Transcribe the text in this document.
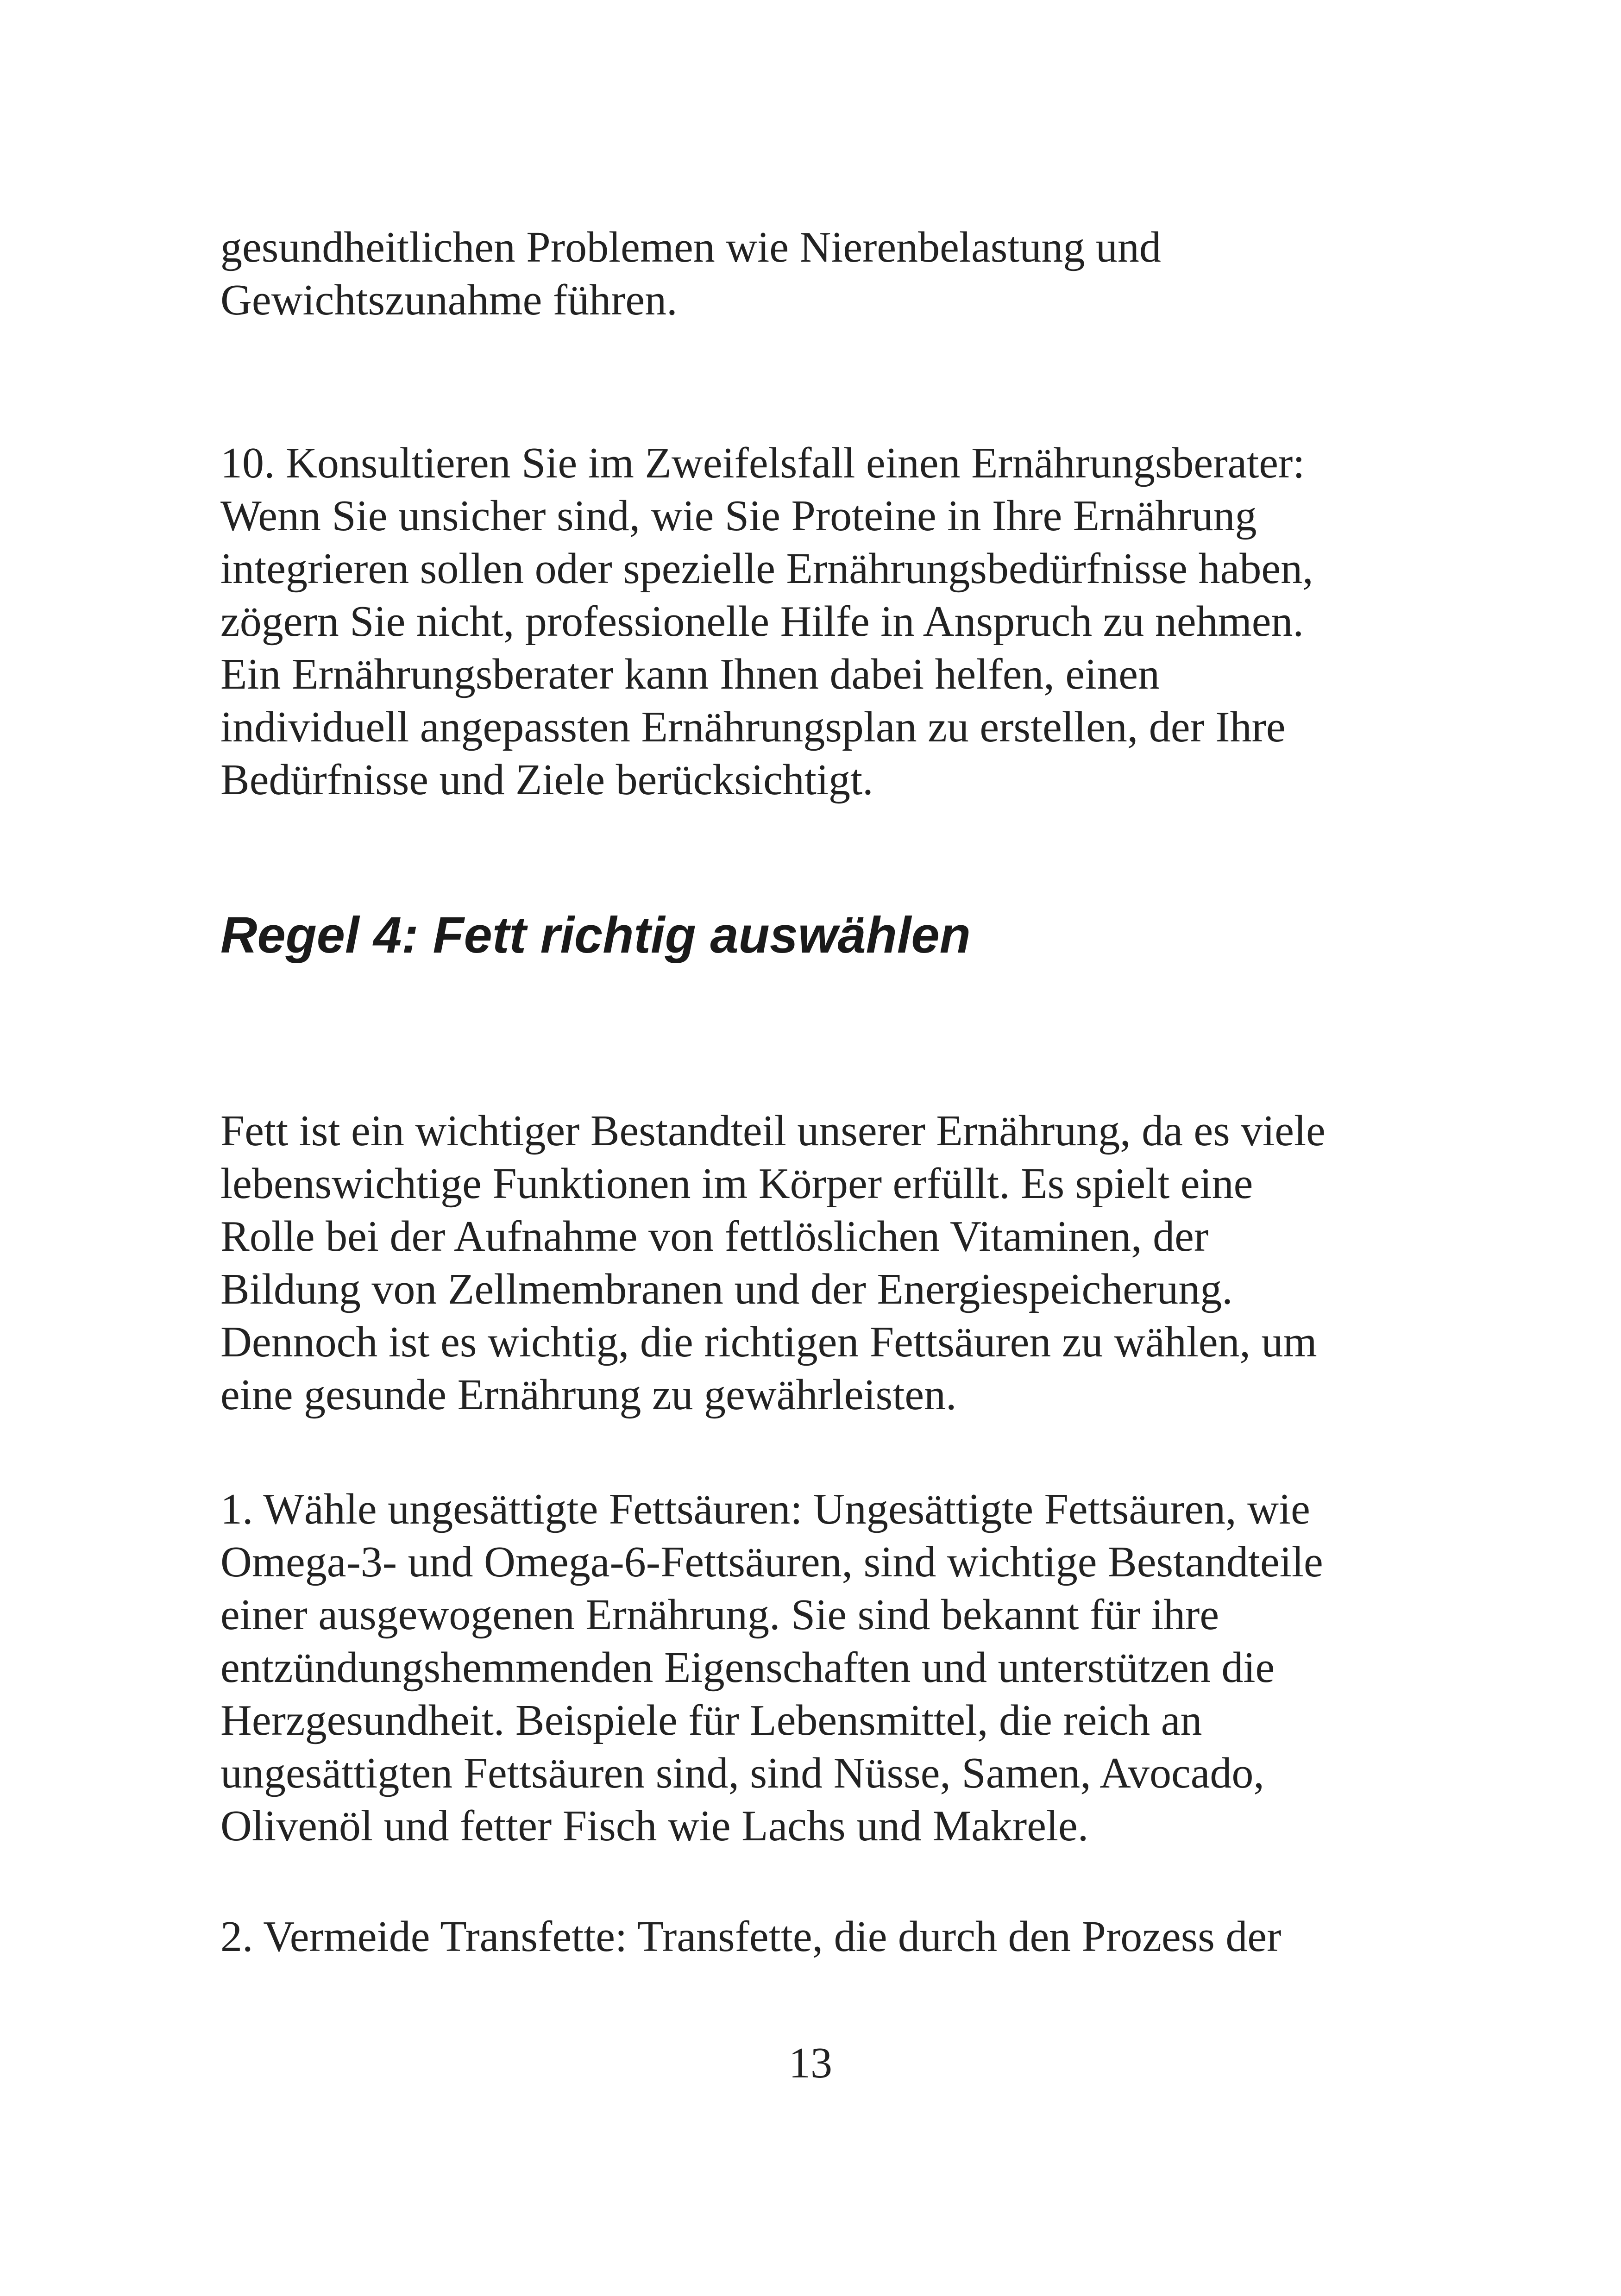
gesundheitlichen Problemen wie Nierenbelastung und
Gewichtszunahme führen.
10. Konsultieren Sie im Zweifelsfall einen Ernährungsberater:
Wenn Sie unsicher sind, wie Sie Proteine in Ihre Ernährung
integrieren sollen oder spezielle Ernährungsbedürfnisse haben,
zögern Sie nicht, professionelle Hilfe in Anspruch zu nehmen.
Ein Ernährungsberater kann Ihnen dabei helfen, einen
individuell angepassten Ernährungsplan zu erstellen, der Ihre
Bedürfnisse und Ziele berücksichtigt.
Regel 4: Fett richtig auswählen
Fett ist ein wichtiger Bestandteil unserer Ernährung, da es viele
lebenswichtige Funktionen im Körper erfüllt. Es spielt eine
Rolle bei der Aufnahme von fettlöslichen Vitaminen, der
Bildung von Zellmembranen und der Energiespeicherung.
Dennoch ist es wichtig, die richtigen Fettsäuren zu wählen, um
eine gesunde Ernährung zu gewährleisten.
1. Wähle ungesättigte Fettsäuren: Ungesättigte Fettsäuren, wie
Omega-3- und Omega-6-Fettsäuren, sind wichtige Bestandteile
einer ausgewogenen Ernährung. Sie sind bekannt für ihre
entzündungshemmenden Eigenschaften und unterstützen die
Herzgesundheit. Beispiele für Lebensmittel, die reich an
ungesättigten Fettsäuren sind, sind Nüsse, Samen, Avocado,
Olivenöl und fetter Fisch wie Lachs und Makrele.
2. Vermeide Transfette: Transfette, die durch den Prozess der
13
